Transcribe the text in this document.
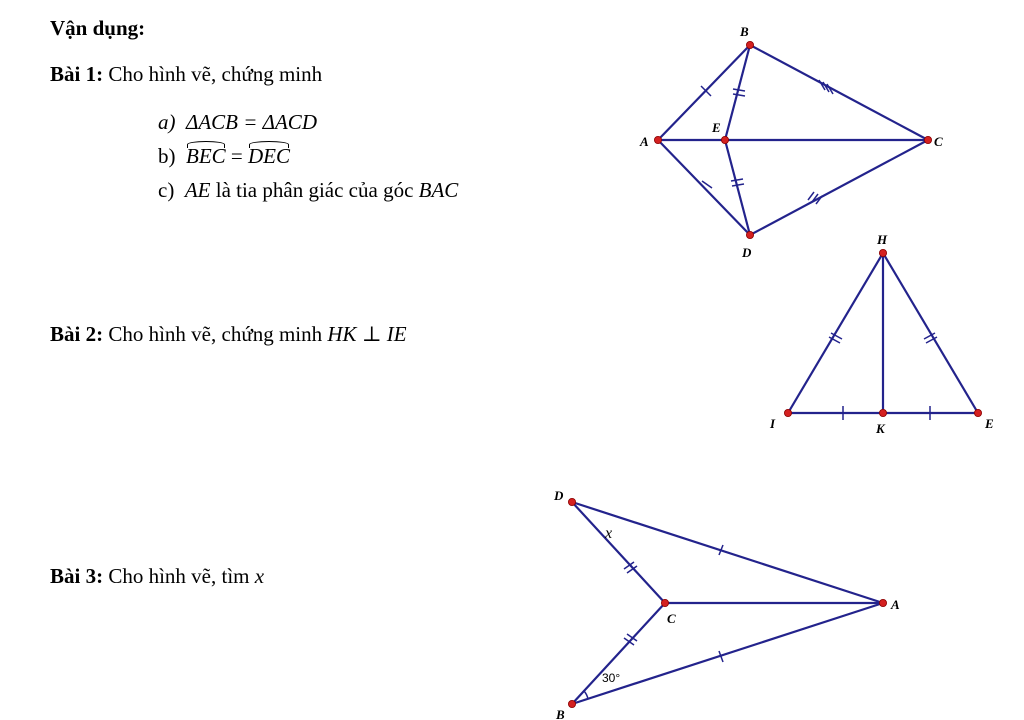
Vận dụng:
Bài 1: Cho hình vẽ, chứng minh
a) ΔACB = ΔACD
b) BEC = DEC
c) AE là tia phân giác của góc BAC
Bài 2: Cho hình vẽ, chứng minh HK ⊥ IE
Bài 3: Cho hình vẽ, tìm x
A
B
C
D
E
H
I	K	E
D
C
A
B
x
30°
